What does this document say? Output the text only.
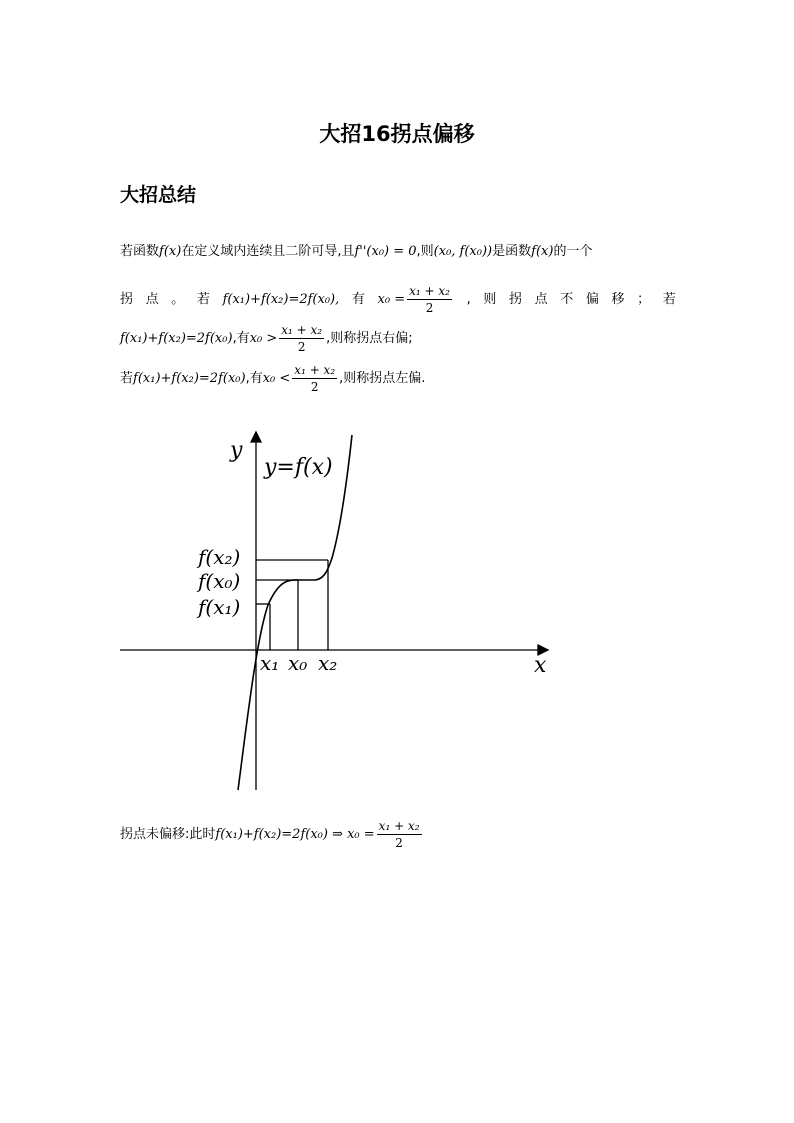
大招16拐点偏移
大招总结
若函数f(x)在定义域内连续且二阶可导,且f''(x₀) = 0,则(x₀, f(x₀))是函数f(x)的一个
拐 点 。 若 f(x₁)+f(x₂)=2f(x₀), 有 $x_0 = \frac{\text{x₁ + x₂}}{2}$ , 则 拐 点 不 偏 移 ； 若
f(x₁)+f(x₂)=2f(x₀) ,有 $x_0 > \frac{\text{x₁ + x₂}}{2}$ ,则称拐点右偏;
若 f(x₁)+f(x₂)=2f(x₀) ,有 $x_0 < \frac{\text{x₁ + x₂}}{2}$ ,则称拐点左偏.
y
x
y=f(x)
f(x₂)
f(x₀)
f(x₁)
x₁ x₀ x₂
拐点未偏移:此时 f(x₁)+f(x₂)=2f(x₀) ⇒ $x_0 = \frac{\text{x₁ + x₂}}{2}$
